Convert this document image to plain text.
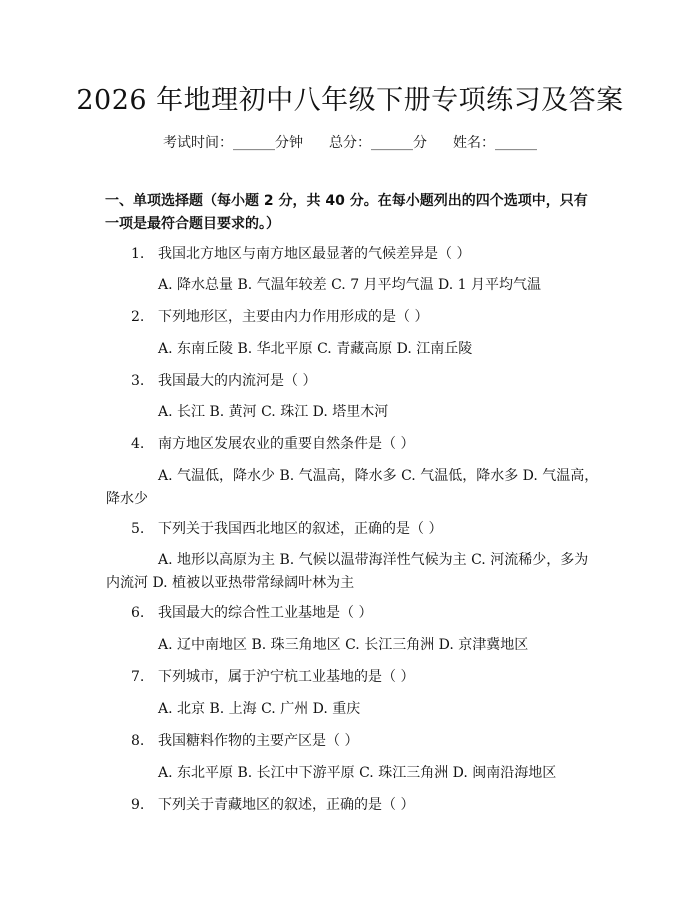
2026 年地理初中八年级下册专项练习及答案
考试时间：______分钟 总分：______分 姓名：______
一、单项选择题（每小题 2 分，共 40 分。在每小题列出的四个选项中，只有一项是最符合题目要求的。）
1. 我国北方地区与南方地区最显著的气候差异是（ ）
A. 降水总量 B. 气温年较差 C. 7 月平均气温 D. 1 月平均气温
2. 下列地形区，主要由内力作用形成的是（ ）
A. 东南丘陵 B. 华北平原 C. 青藏高原 D. 江南丘陵
3. 我国最大的内流河是（ ）
A. 长江 B. 黄河 C. 珠江 D. 塔里木河
4. 南方地区发展农业的重要自然条件是（ ）
A. 气温低，降水少 B. 气温高，降水多 C. 气温低，降水多 D. 气温高，降水少
5. 下列关于我国西北地区的叙述，正确的是（ ）
A. 地形以高原为主 B. 气候以温带海洋性气候为主 C. 河流稀少，多为内流河 D. 植被以亚热带常绿阔叶林为主
6. 我国最大的综合性工业基地是（ ）
A. 辽中南地区 B. 珠三角地区 C. 长江三角洲 D. 京津冀地区
7. 下列城市，属于沪宁杭工业基地的是（ ）
A. 北京 B. 上海 C. 广州 D. 重庆
8. 我国糖料作物的主要产区是（ ）
A. 东北平原 B. 长江中下游平原 C. 珠江三角洲 D. 闽南沿海地区
9. 下列关于青藏地区的叙述，正确的是（ ）
